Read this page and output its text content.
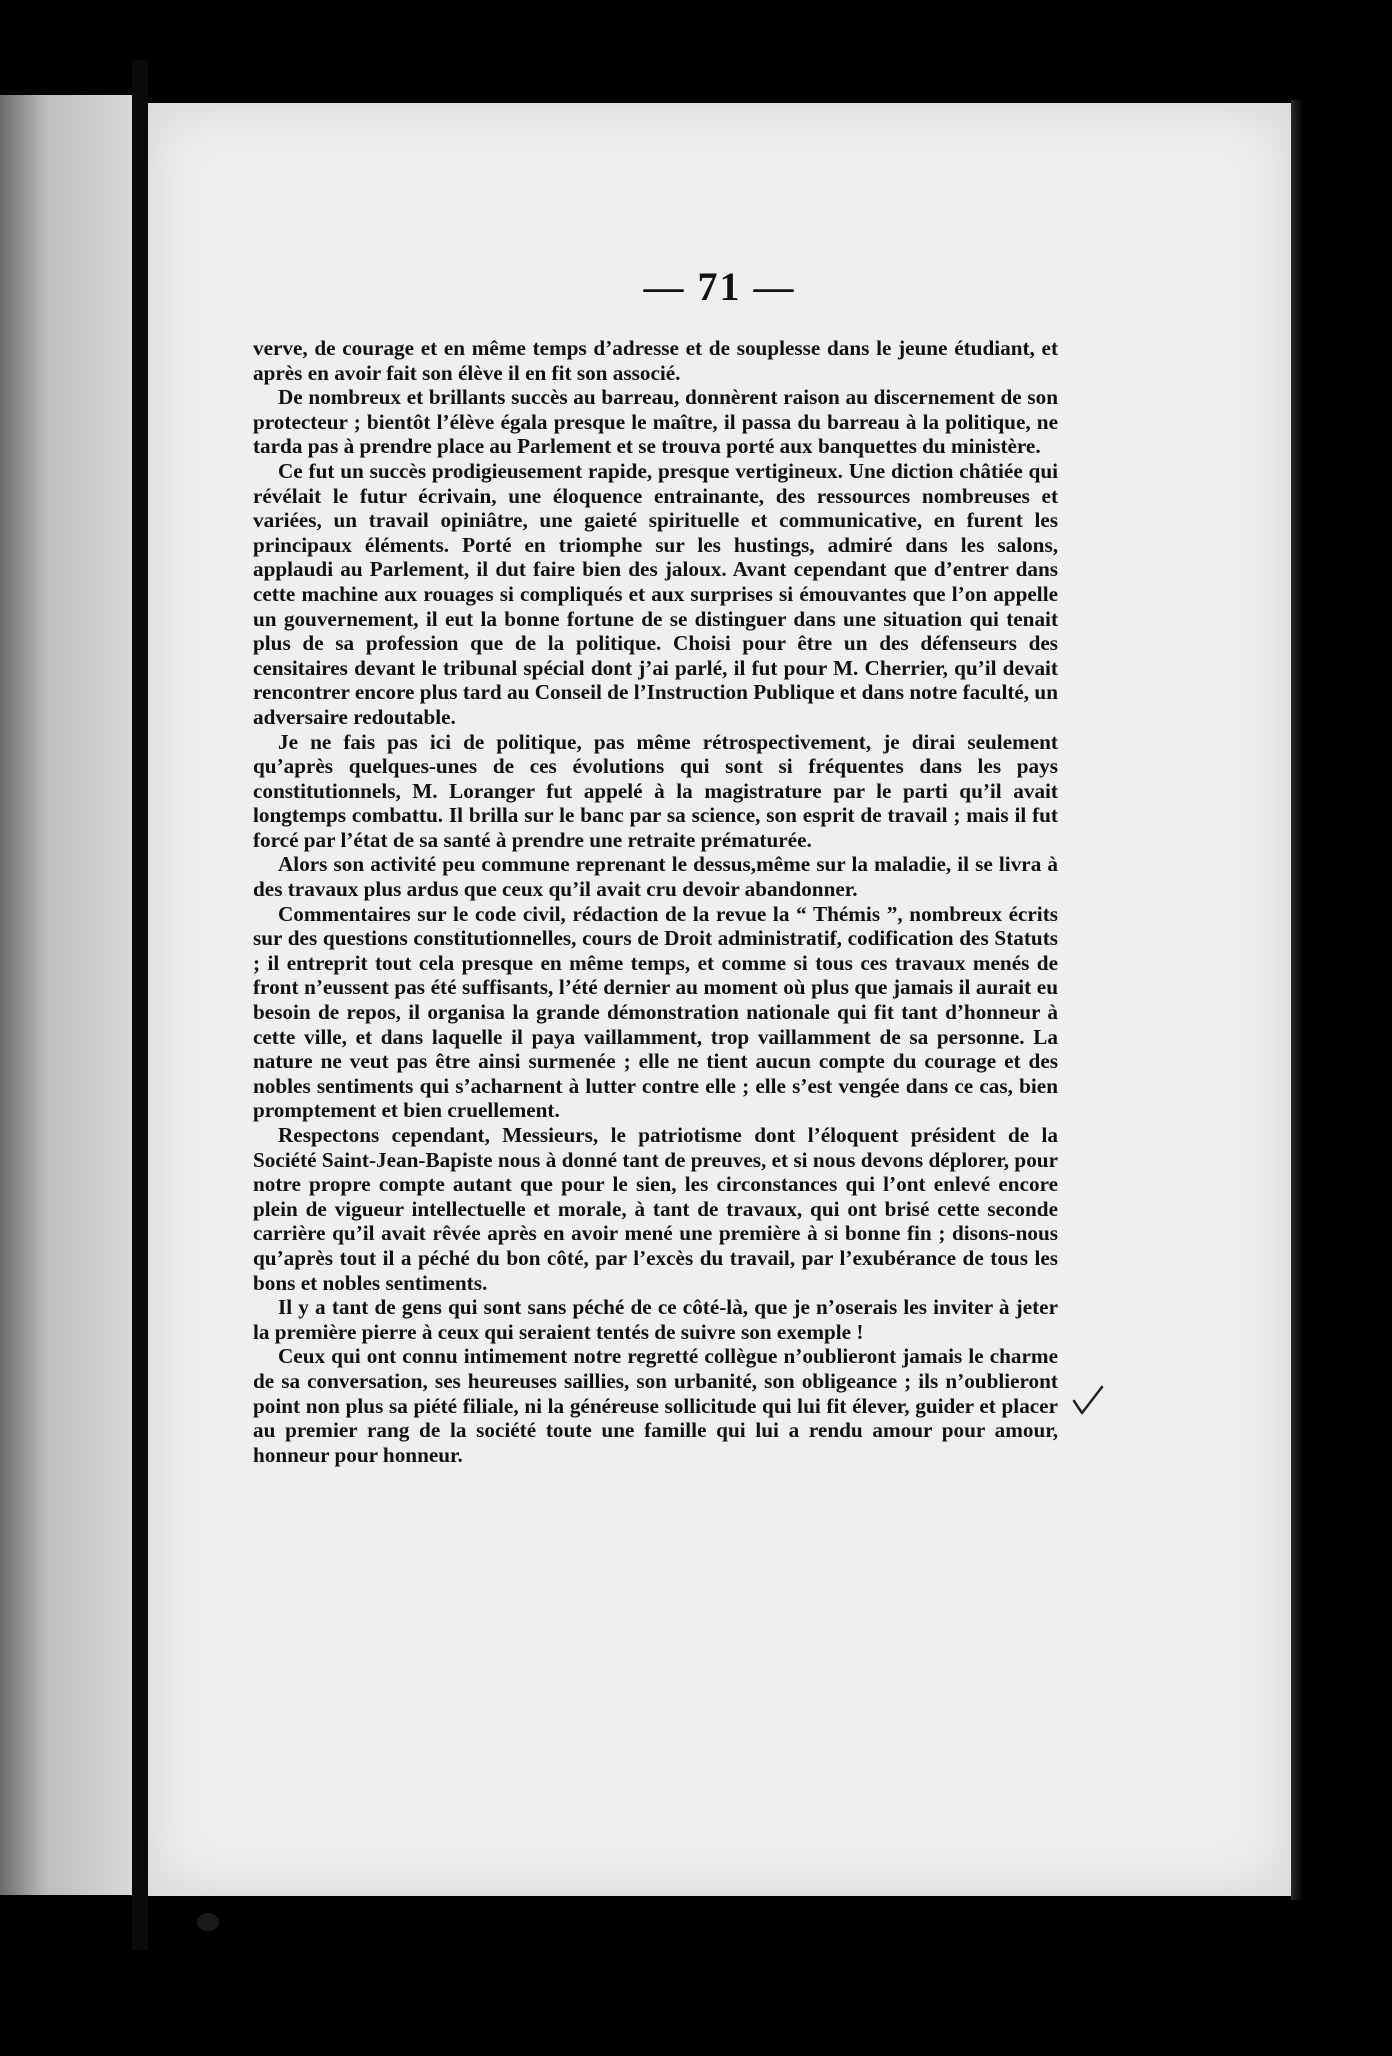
— 71 —

verve, de courage et en même temps d’adresse et de souplesse dans le jeune étudiant, et après en avoir fait son élève il en fit son associé.

De nombreux et brillants succès au barreau, donnèrent raison au discernement de son protecteur ; bientôt l’élève égala presque le maître, il passa du barreau à la politique, ne tarda pas à prendre place au Parlement et se trouva porté aux banquettes du ministère.

Ce fut un succès prodigieusement rapide, presque vertigineux. Une diction châtiée qui révélait le futur écrivain, une éloquence entrainante, des ressources nombreuses et variées, un travail opiniâtre, une gaieté spirituelle et communicative, en furent les principaux éléments. Porté en triomphe sur les hustings, admiré dans les salons, applaudi au Parlement, il dut faire bien des jaloux. Avant cependant que d’entrer dans cette machine aux rouages si compliqués et aux surprises si émouvantes que l’on appelle un gouvernement, il eut la bonne fortune de se distinguer dans une situation qui tenait plus de sa profession que de la politique. Choisi pour être un des défenseurs des censitaires devant le tribunal spécial dont j’ai parlé, il fut pour M. Cherrier, qu’il devait rencontrer encore plus tard au Conseil de l’Instruction Publique et dans notre faculté, un adversaire redoutable.

Je ne fais pas ici de politique, pas même rétrospectivement, je dirai seulement qu’après quelques-unes de ces évolutions qui sont si fréquentes dans les pays constitutionnels, M. Loranger fut appelé à la magistrature par le parti qu’il avait longtemps combattu. Il brilla sur le banc par sa science, son esprit de travail ; mais il fut forcé par l’état de sa santé à prendre une retraite prématurée.

Alors son activité peu commune reprenant le dessus,même sur la maladie, il se livra à des travaux plus ardus que ceux qu’il avait cru devoir abandonner.

Commentaires sur le code civil, rédaction de la revue la “ Thémis ”, nombreux écrits sur des questions constitutionnelles, cours de Droit administratif, codification des Statuts ; il entreprit tout cela presque en même temps, et comme si tous ces travaux menés de front n’eussent pas été suffisants, l’été dernier au moment où plus que jamais il aurait eu besoin de repos, il organisa la grande démonstration nationale qui fit tant d’honneur à cette ville, et dans laquelle il paya vaillamment, trop vaillamment de sa personne. La nature ne veut pas être ainsi surmenée ; elle ne tient aucun compte du courage et des nobles sentiments qui s’acharnent à lutter contre elle ; elle s’est vengée dans ce cas, bien promptement et bien cruellement.

Respectons cependant, Messieurs, le patriotisme dont l’éloquent président de la Société Saint-Jean-Bapiste nous à donné tant de preuves, et si nous devons déplorer, pour notre propre compte autant que pour le sien, les circonstances qui l’ont enlevé encore plein de vigueur intellectuelle et morale, à tant de travaux, qui ont brisé cette seconde carrière qu’il avait rêvée après en avoir mené une première à si bonne fin ; disons-nous qu’après tout il a péché du bon côté, par l’excès du travail, par l’exubérance de tous les bons et nobles sentiments.

Il y a tant de gens qui sont sans péché de ce côté-là, que je n’oserais les inviter à jeter la première pierre à ceux qui seraient tentés de suivre son exemple !

Ceux qui ont connu intimement notre regretté collègue n’oublieront jamais le charme de sa conversation, ses heureuses saillies, son urbanité, son obligeance ; ils n’oublieront point non plus sa piété filiale, ni la généreuse sollicitude qui lui fit élever, guider et placer au premier rang de la société toute une famille qui lui a rendu amour pour amour, honneur pour honneur.
